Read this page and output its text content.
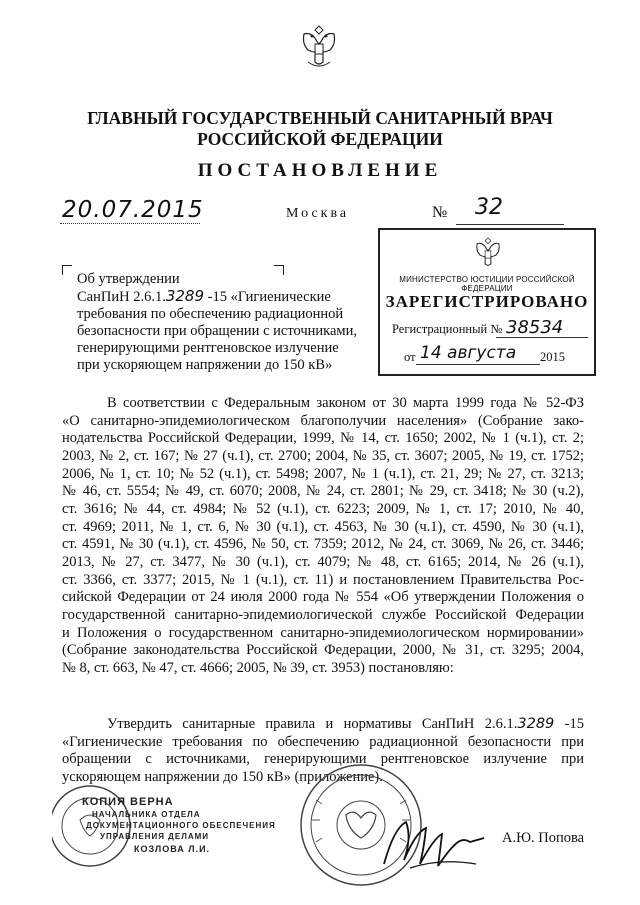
ГЛАВНЫЙ ГОСУДАРСТВЕННЫЙ САНИТАРНЫЙ ВРАЧ
РОССИЙСКОЙ ФЕДЕРАЦИИ
ПОСТАНОВЛЕНИЕ
20.07.2015	Москва	№ 32
Об утверждении
СанПиН 2.6.1.3289 -15 «Гигиенические
требования по обеспечению радиационной
безопасности при обращении с источниками,
генерирующими рентгеновское излучение
при ускоряющем напряжении до 150 кВ»
МИНИСТЕРСТВО ЮСТИЦИИ РОССИЙСКОЙ ФЕДЕРАЦИИ
ЗАРЕГИСТРИРОВАНО
Регистрационный № 38534
от 14 августа 2015
В соответствии с Федеральным законом от 30 марта 1999 года № 52-ФЗ
«О санитарно-эпидемиологическом благополучии населения» (Собрание зако-
нодательства Российской Федерации, 1999, № 14, ст. 1650; 2002, № 1 (ч.1), ст. 2;
2003, № 2, ст. 167; № 27 (ч.1), ст. 2700; 2004, № 35, ст. 3607; 2005, № 19, ст. 1752;
2006, № 1, ст. 10; № 52 (ч.1), ст. 5498; 2007, № 1 (ч.1), ст. 21, 29; № 27, ст. 3213;
№ 46, ст. 5554; № 49, ст. 6070; 2008, № 24, ст. 2801; № 29, ст. 3418; № 30 (ч.2),
ст. 3616; № 44, ст. 4984; № 52 (ч.1), ст. 6223; 2009, № 1, ст. 17; 2010, № 40,
ст. 4969; 2011, № 1, ст. 6, № 30 (ч.1), ст. 4563, № 30 (ч.1), ст. 4590, № 30 (ч.1),
ст. 4591, № 30 (ч.1), ст. 4596, № 50, ст. 7359; 2012, № 24, ст. 3069, № 26, ст. 3446;
2013, № 27, ст. 3477, № 30 (ч.1), ст. 4079; № 48, ст. 6165; 2014, № 26 (ч.1),
ст. 3366, ст. 3377; 2015, № 1 (ч.1), ст. 11) и постановлением Правительства Рос-
сийской Федерации от 24 июля 2000 года № 554 «Об утверждении Положения о
государственной санитарно-эпидемиологической службе Российской Федерации
и Положения о государственном санитарно-эпидемиологическом нормировании»
(Собрание законодательства Российской Федерации, 2000, № 31, ст. 3295; 2004,
№ 8, ст. 663, № 47, ст. 4666; 2005, № 39, ст. 3953) постановляю:
Утвердить санитарные правила и нормативы СанПиН 2.6.1.3289 -15
«Гигиенические требования по обеспечению радиационной безопасности при
обращении с источниками, генерирующими рентгеновское излучение при
ускоряющем напряжении до 150 кВ» (приложение).
КОПИЯ ВЕРНА
НАЧАЛЬНИКА ОТДЕЛА
ДОКУМЕНТАЦИОННОГО ОБЕСПЕЧЕНИЯ
УПРАВЛЕНИЯ ДЕЛАМИ
КОЗЛОВА Л.И.
А.Ю. Попова
